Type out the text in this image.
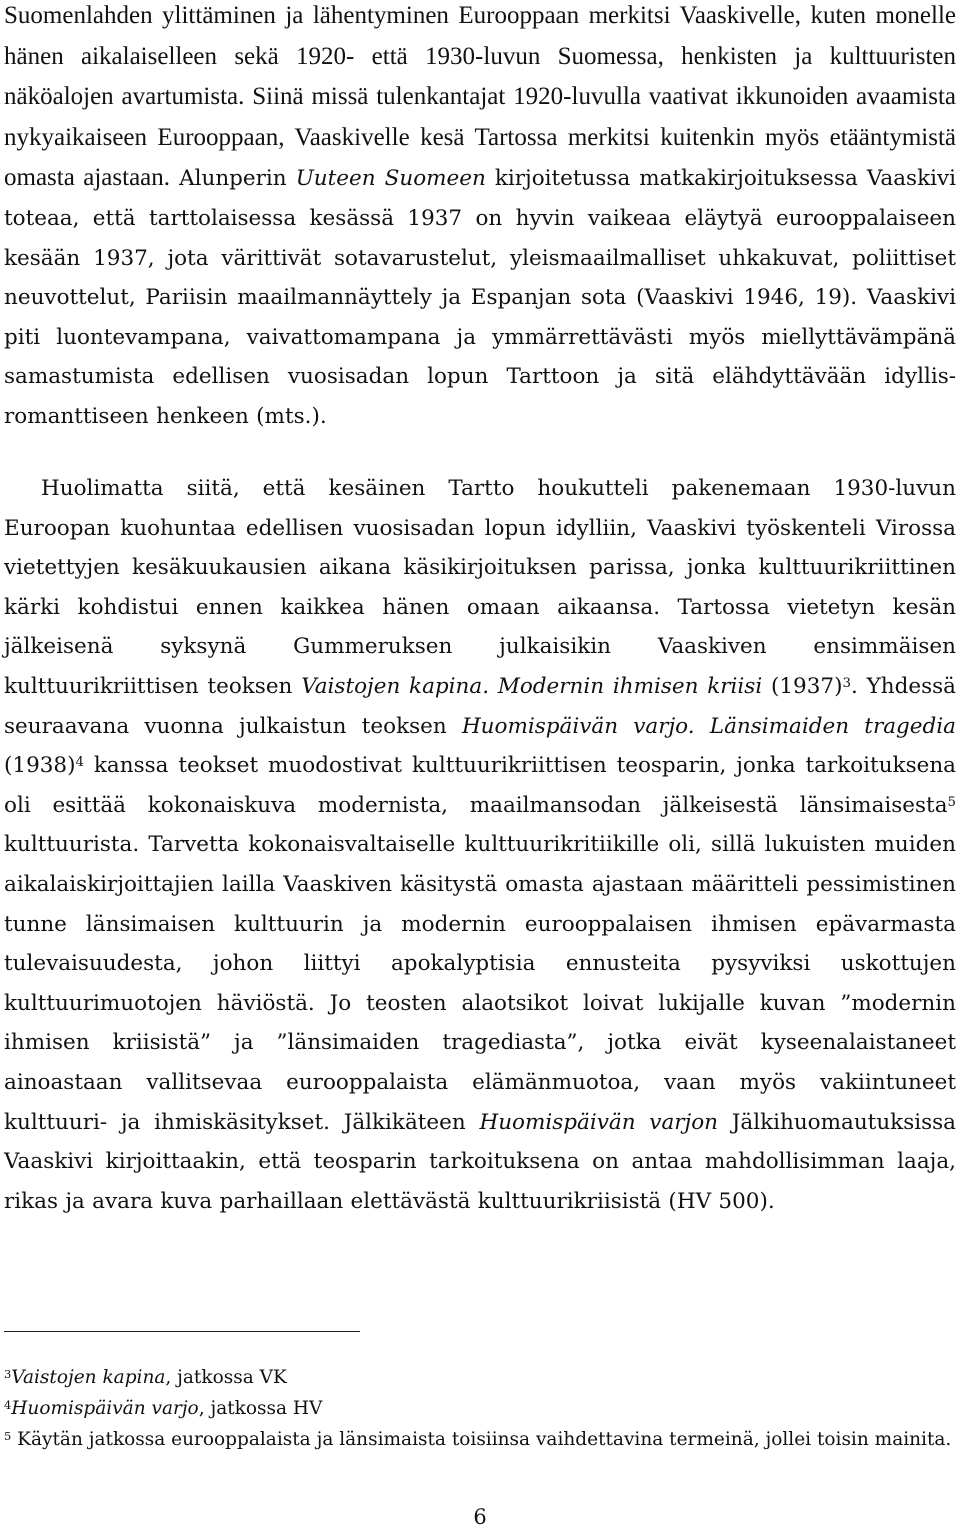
Suomenlahden ylittäminen ja lähentyminen Eurooppaan merkitsi Vaaskivelle, kuten monelle hänen aikalaiselleen sekä 1920- että 1930-luvun Suomessa, henkisten ja kulttuuristen näköalojen avartumista. Siinä missä tulenkantajat 1920-luvulla vaativat ikkunoiden avaamista nykyaikaiseen Eurooppaan, Vaaskivelle kesä Tartossa merkitsi kuitenkin myös etääntymistä omasta ajastaan. Alunperin Uuteen Suomeen kirjoitetussa matkakirjoituksessa Vaaskivi toteaa, että tarttolaisessa kesässä 1937 on hyvin vaikeaa eläytyä eurooppalaiseen kesään 1937, jota värittivät sotavarustelut, yleismaailmalliset uhkakuvat, poliittiset neuvottelut, Pariisin maailmannäyttely ja Espanjan sota (Vaaskivi 1946, 19). Vaaskivi piti luontevampana, vaivattomampana ja ymmärrettävästi myös miellyttävämpänä samastumista edellisen vuosisadan lopun Tarttoon ja sitä elähdyttävään idyllis-romanttiseen henkeen (mts.).

Huolimatta siitä, että kesäinen Tartto houkutteli pakenemaan 1930-luvun Euroopan kuohuntaa edellisen vuosisadan lopun idylliin, Vaaskivi työskenteli Virossa vietettyjen kesäkuukausien aikana käsikirjoituksen parissa, jonka kulttuurikriittinen kärki kohdistui ennen kaikkea hänen omaan aikaansa. Tartossa vietetyn kesän jälkeisenä syksynä Gummeruksen julkaisikin Vaaskiven ensimmäisen kulttuurikriittisen teoksen Vaistojen kapina. Modernin ihmisen kriisi $(1937)^3$. Yhdessä seuraavana vuonna julkaistun teoksen Huomispäivän varjo. Länsimaiden tragedia $(1938)^4$ kanssa teokset muodostivat kulttuurikriittisen teosparin, jonka tarkoituksena oli esittää kokonaiskuva modernista, maailmansodan jälkeisestä länsimaisesta$^5$ kulttuurista. Tarvetta kokonaisvaltaiselle kulttuurikritiikille oli, sillä lukuisten muiden aikalaiskirjoittajien lailla Vaaskiven käsitystä omasta ajastaan määritteli pessimistinen tunne länsimaisen kulttuurin ja modernin eurooppalaisen ihmisen epävarmasta tulevaisuudesta, johon liittyi apokalyptisia ennusteita pysyviksi uskottujen kulttuurimuotojen häviöstä. Jo teosten alaotsikot loivat lukijalle kuvan ”modernin ihmisen kriisistä” ja ”länsimaiden tragediasta”, jotka eivät kyseenalaistaneet ainoastaan vallitsevaa eurooppalaista elämänmuotoa, vaan myös vakiintuneet kulttuuri- ja ihmiskäsitykset. Jälkikäteen Huomispäivän varjon Jälkihuomautuksissa Vaaskivi kirjoittaakin, että teosparin tarkoituksena on antaa mahdollisimman laaja, rikas ja avara kuva parhaillaan elettävästä kulttuurikriisistä (HV 500).

$^3$Vaistojen kapina, jatkossa VK

$^4$Huomispäivän varjo, jatkossa HV

$^5$ Käytän jatkossa eurooppalaista ja länsimaista toisiinsa vaihdettavina termeinä, jollei toisin mainita.

6
